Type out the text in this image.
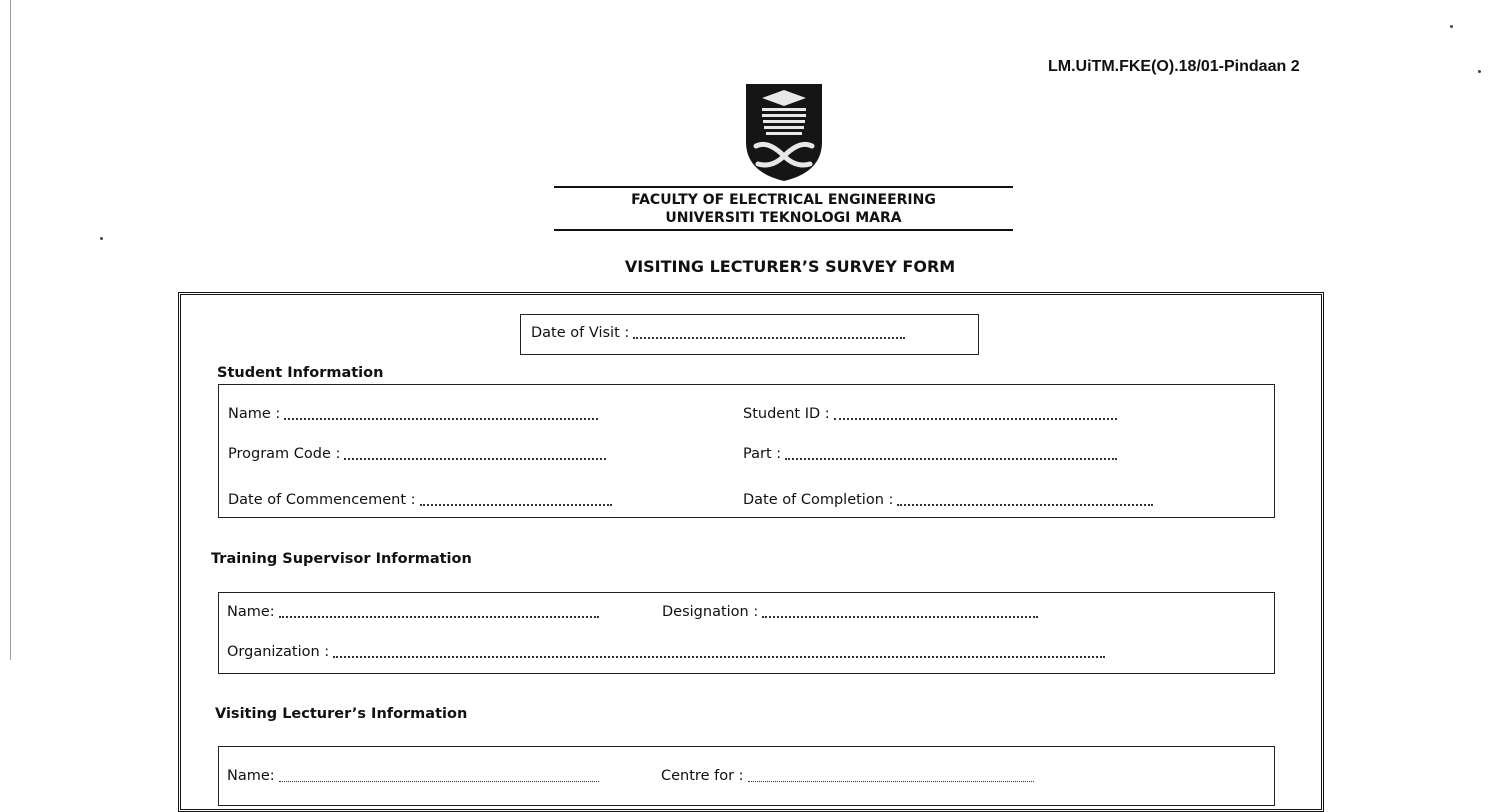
LM.UiTM.FKE(O).18/01-Pindaan 2
FACULTY OF ELECTRICAL ENGINEERING
UNIVERSITI TEKNOLOGI MARA
VISITING LECTURER’S SURVEY FORM
Date of Visit :
Student Information
Name :	Student ID :
Program Code :	Part :
Date of Commencement :	Date of Completion :
Training Supervisor Information
Name:	Designation :
Organization :
Visiting Lecturer’s Information
Name:	Centre for :
